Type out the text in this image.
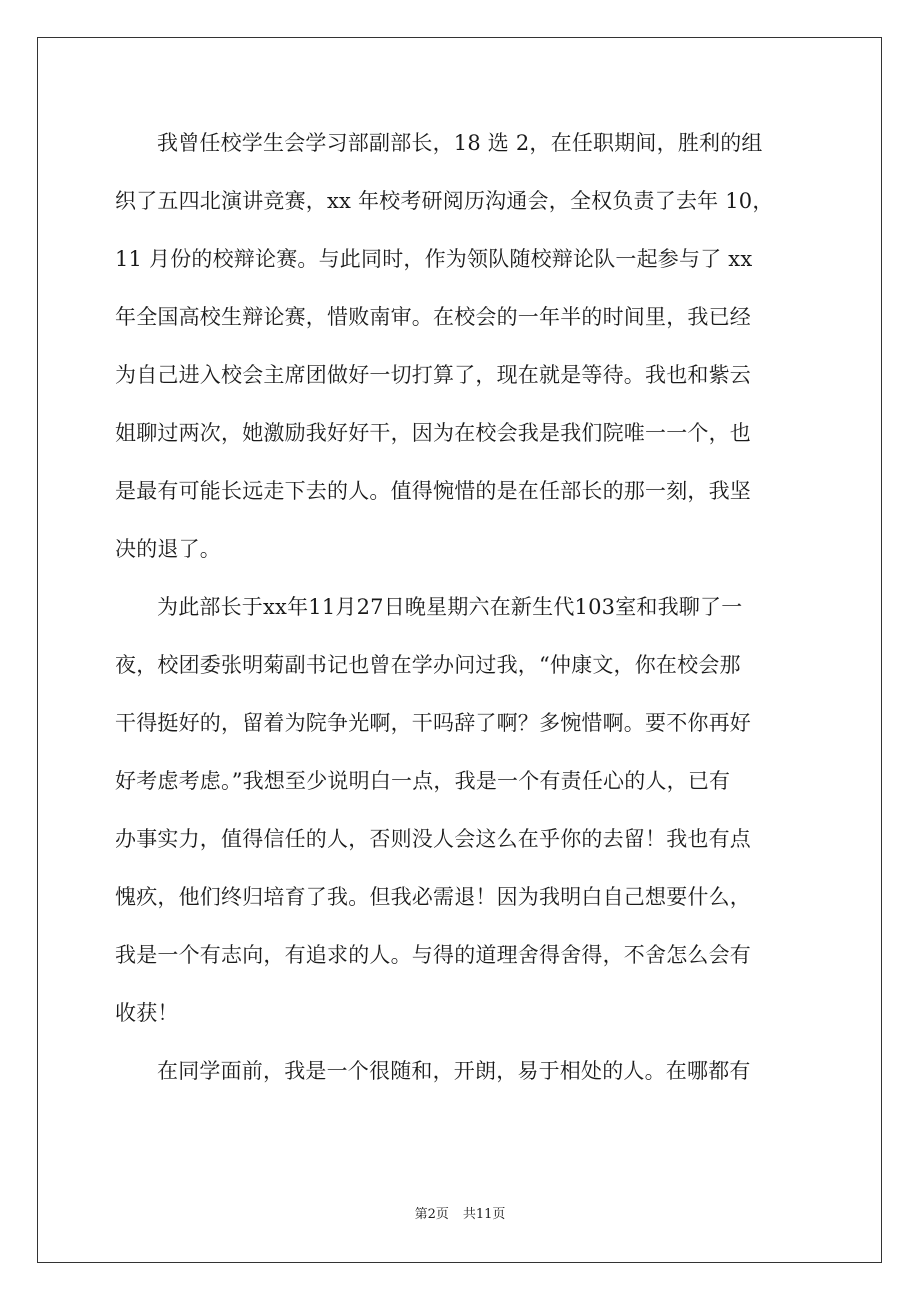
我曾任校学生会学习部副部长，18 选 2，在任职期间，胜利的组
织了五四北演讲竞赛，xx 年校考研阅历沟通会，全权负责了去年 10，
11 月份的校辩论赛。与此同时，作为领队随校辩论队一起参与了 xx
年全国高校生辩论赛，惜败南审。在校会的一年半的时间里，我已经
为自己进入校会主席团做好一切打算了，现在就是等待。我也和紫云
姐聊过两次，她激励我好好干，因为在校会我是我们院唯一一个，也
是最有可能长远走下去的人。值得惋惜的是在任部长的那一刻，我坚
决的退了。
为此部长于xx年11月27日晚星期六在新生代103室和我聊了一
夜，校团委张明菊副书记也曾在学办问过我，“仲康文，你在校会那
干得挺好的，留着为院争光啊，干吗辞了啊？多惋惜啊。要不你再好
好考虑考虑。”我想至少说明白一点，我是一个有责任心的人，已有
办事实力，值得信任的人，否则没人会这么在乎你的去留！我也有点
愧疚，他们终归培育了我。但我必需退！因为我明白自己想要什么，
我是一个有志向，有追求的人。与得的道理舍得舍得，不舍怎么会有
收获！
在同学面前，我是一个很随和，开朗，易于相处的人。在哪都有
第2页 共11页
